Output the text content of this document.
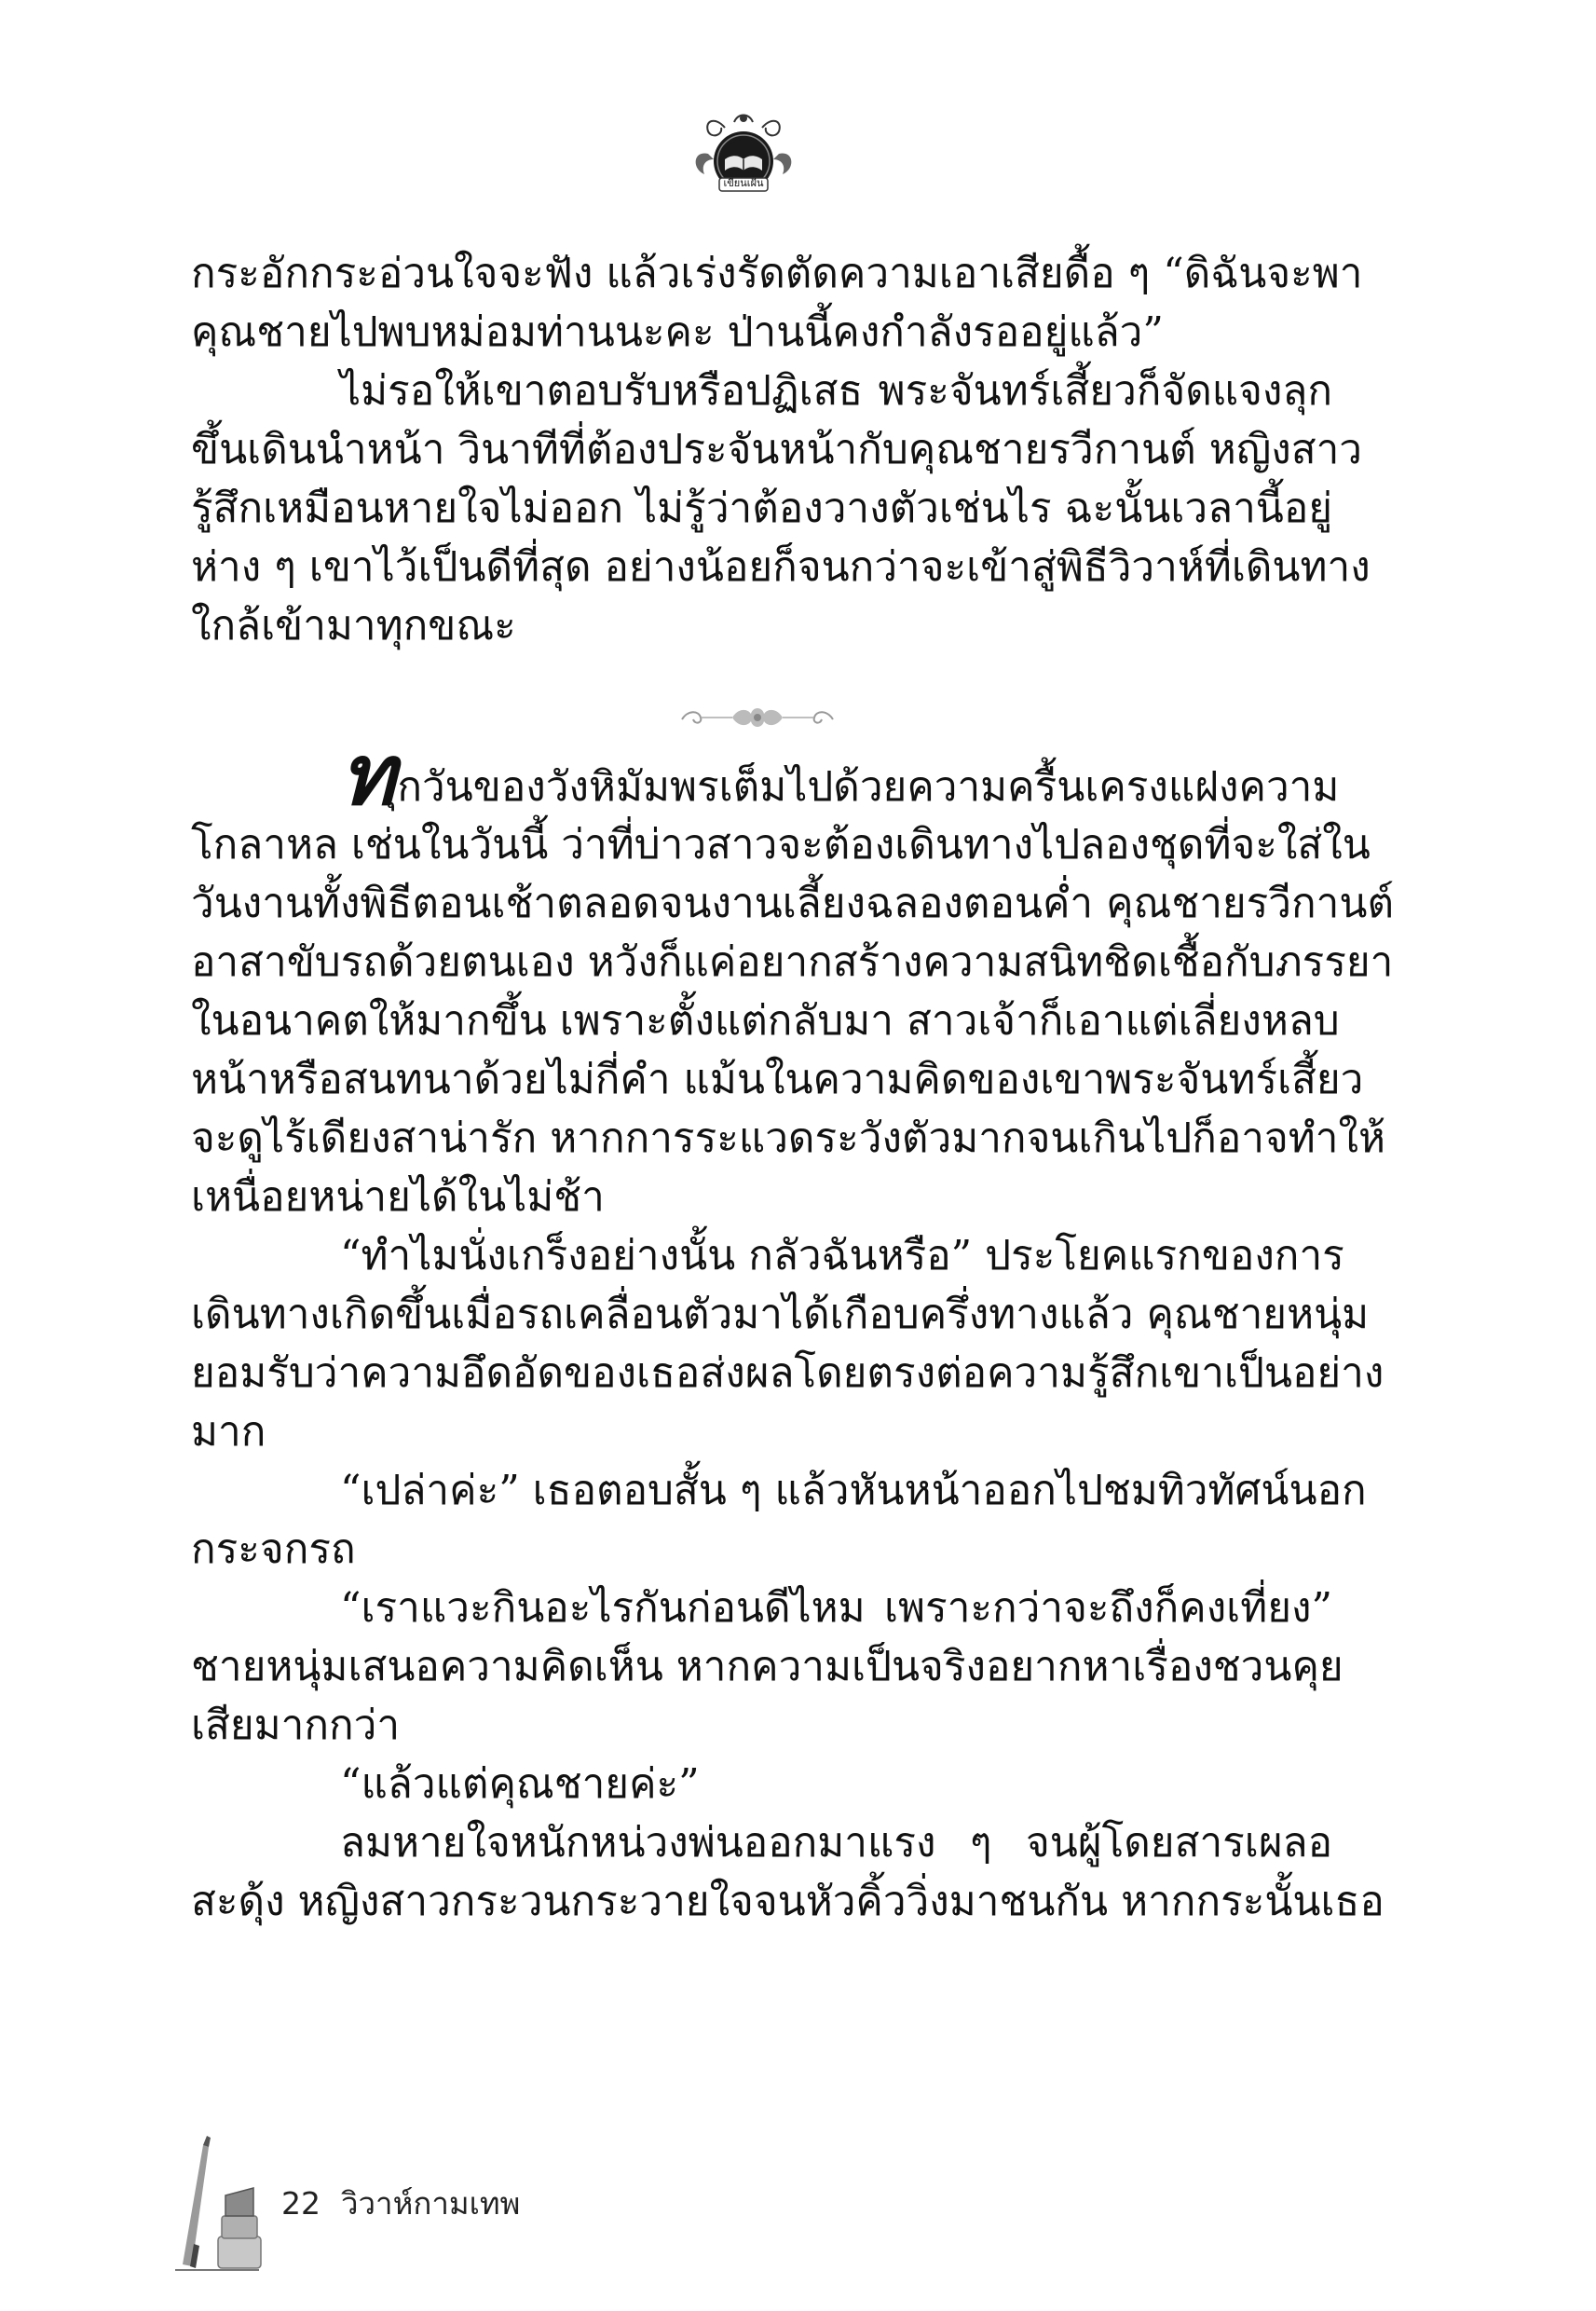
เขียนเฝัน
กระอักกระอ่วนใจจะฟัง แล้วเร่งรัดตัดความเอาเสียดื้อ ๆ “ดิฉันจะพา
คุณชายไปพบหม่อมท่านนะคะ ป่านนี้คงกำลังรออยู่แล้ว”
ไม่รอให้เขาตอบรับหรือปฏิเสธ พระจันทร์เสี้ยวก็จัดแจงลุก
ขึ้นเดินนำหน้า วินาทีที่ต้องประจันหน้ากับคุณชายรวีกานต์ หญิงสาว
รู้สึกเหมือนหายใจไม่ออก ไม่รู้ว่าต้องวางตัวเช่นไร ฉะนั้นเวลานี้อยู่
ห่าง ๆ เขาไว้เป็นดีที่สุด อย่างน้อยก็จนกว่าจะเข้าสู่พิธีวิวาห์ที่เดินทาง
ใกล้เข้ามาทุกขณะ
ทุกวันของวังหิมัมพรเต็มไปด้วยความครื้นเครงแฝงความ
โกลาหล เช่นในวันนี้ ว่าที่บ่าวสาวจะต้องเดินทางไปลองชุดที่จะใส่ใน
วันงานทั้งพิธีตอนเช้าตลอดจนงานเลี้ยงฉลองตอนค่ำ คุณชายรวีกานต์
อาสาขับรถด้วยตนเอง หวังก็แค่อยากสร้างความสนิทชิดเชื้อกับภรรยา
ในอนาคตให้มากขึ้น เพราะตั้งแต่กลับมา สาวเจ้าก็เอาแต่เลี่ยงหลบ
หน้าหรือสนทนาด้วยไม่กี่คำ แม้นในความคิดของเขาพระจันทร์เสี้ยว
จะดูไร้เดียงสาน่ารัก หากการระแวดระวังตัวมากจนเกินไปก็อาจทำให้
เหนื่อยหน่ายได้ในไม่ช้า
“ทำไมนั่งเกร็งอย่างนั้น กลัวฉันหรือ” ประโยคแรกของการ
เดินทางเกิดขึ้นเมื่อรถเคลื่อนตัวมาได้เกือบครึ่งทางแล้ว คุณชายหนุ่ม
ยอมรับว่าความอึดอัดของเธอส่งผลโดยตรงต่อความรู้สึกเขาเป็นอย่าง
มาก
“เปล่าค่ะ” เธอตอบสั้น ๆ แล้วหันหน้าออกไปชมทิวทัศน์นอก
กระจกรถ
“เราแวะกินอะไรกันก่อนดีไหม เพราะกว่าจะถึงก็คงเที่ยง”
ชายหนุ่มเสนอความคิดเห็น หากความเป็นจริงอยากหาเรื่องชวนคุย
เสียมากกว่า
“แล้วแต่คุณชายค่ะ”
ลมหายใจหนักหน่วงพ่นออกมาแรง ๆ จนผู้โดยสารเผลอ
สะดุ้ง หญิงสาวกระวนกระวายใจจนหัวคิ้ววิ่งมาชนกัน หากกระนั้นเธอ
22 วิวาห์กามเทพ
